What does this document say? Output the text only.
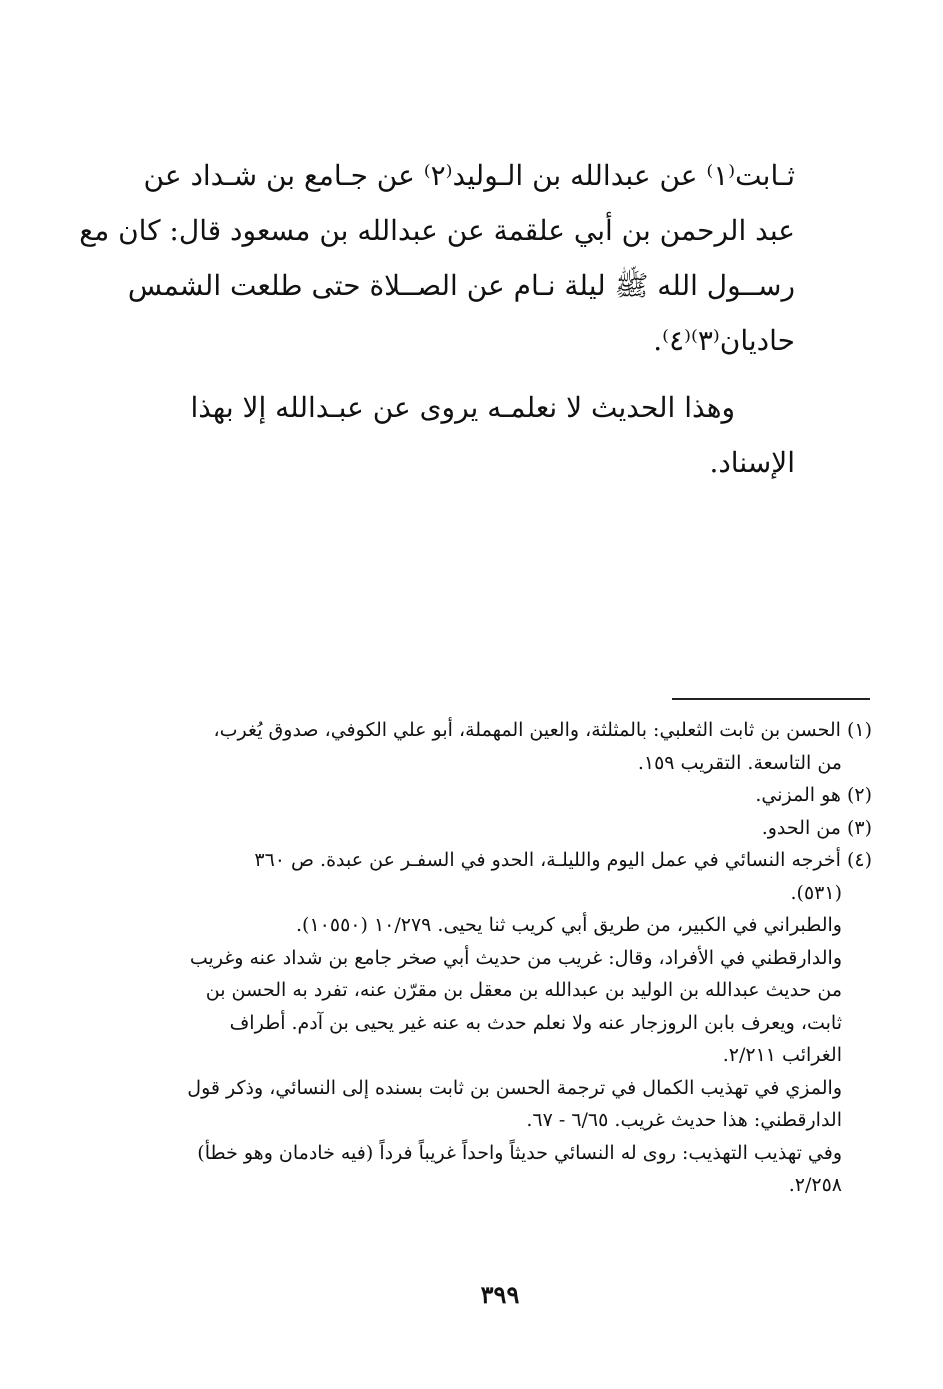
ثـابت⁽١⁾ عن عبدالله بن الـوليد⁽٢⁾ عن جـامع بن شـداد عن
عبد الرحمن بن أبي علقمة عن عبدالله بن مسعود قال: كان مع
رســول الله ﷺ ليلة نـام عن الصــلاة حتى طلعت الشمس
حاديان⁽٣⁾⁽٤⁾.
وهذا الحديث لا نعلمـه يروى عن عبـدالله إلا بهذا
الإسناد.
(١) الحسن بن ثابت الثعلبي: بالمثلثة، والعين المهملة، أبو علي الكوفي، صدوق يُغرب،
من التاسعة. التقريب ١٥٩.
(٢) هو المزني.
(٣) من الحدو.
(٤) أخرجه النسائي في عمل اليوم والليلـة، الحدو في السفـر عن عبدة. ص ٣٦٠
(٥٣١).
والطبراني في الكبير، من طريق أبي كريب ثنا يحيى. ١٠/٢٧٩ (١٠٥٥٠).
والدارقطني في الأفراد، وقال: غريب من حديث أبي صخر جامع بن شداد عنه وغريب
من حديث عبدالله بن الوليد بن عبدالله بن معقل بن مقرّن عنه، تفرد به الحسن بن
ثابت، ويعرف بابن الروزجار عنه ولا نعلم حدث به عنه غير يحيى بن آدم. أطراف
الغرائب ٢/٢١١.
والمزي في تهذيب الكمال في ترجمة الحسن بن ثابت بسنده إلى النسائي، وذكر قول
الدارقطني: هذا حديث غريب. ٦/٦٥ - ٦٧.
وفي تهذيب التهذيب: روى له النسائي حديثاً واحداً غريباً فرداً (فيه خادمان وهو خطأ)
٢/٢٥٨.
٣٩٩
